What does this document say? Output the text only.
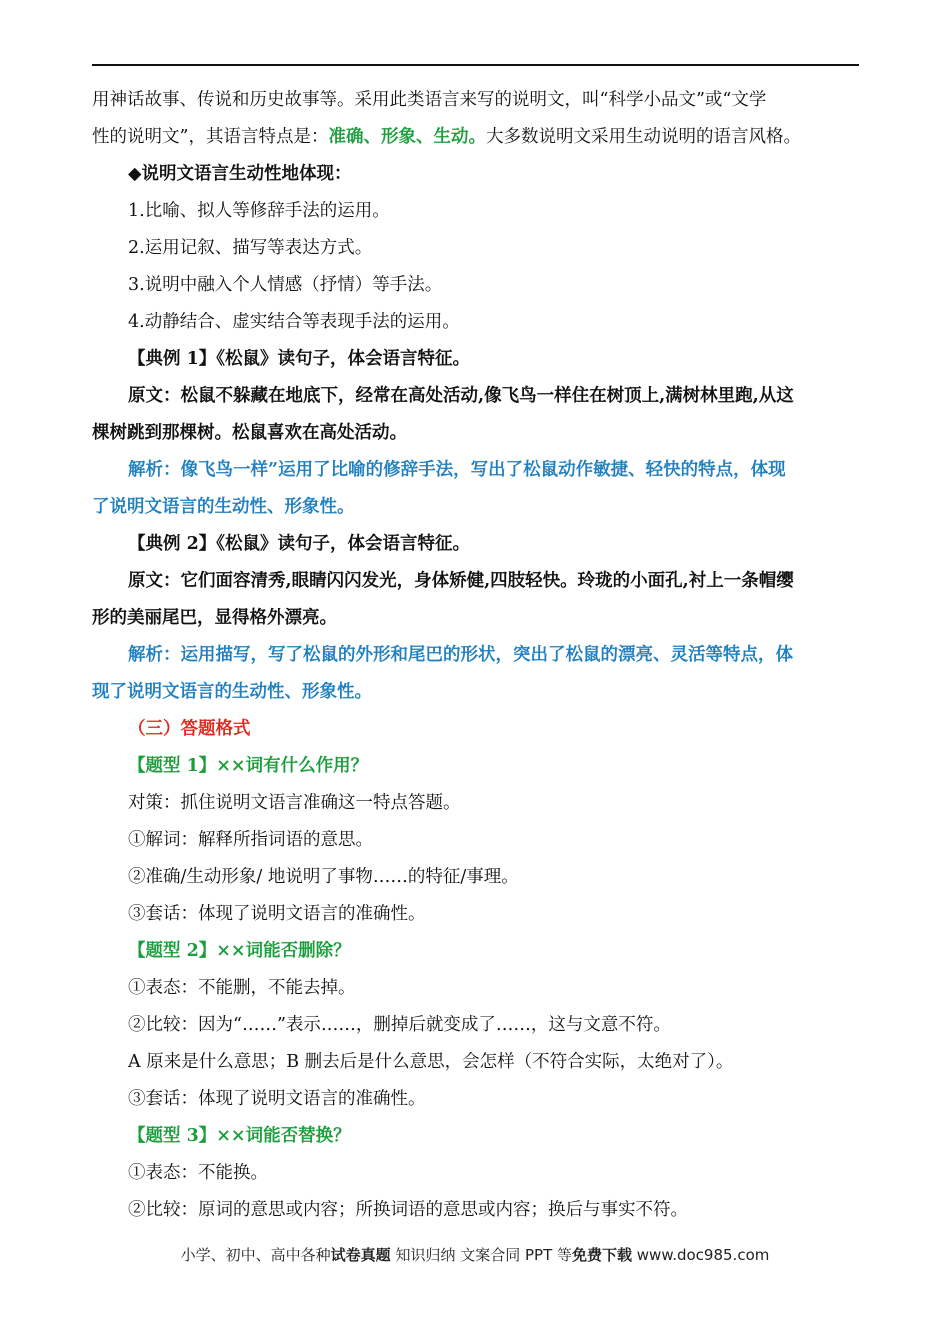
用神话故事、传说和历史故事等。采用此类语言来写的说明文，叫“科学小品文”或“文学
性的说明文”，其语言特点是：准确、形象、生动。大多数说明文采用生动说明的语言风格。
◆说明文语言生动性地体现：
1.比喻、拟人等修辞手法的运用。
2.运用记叙、描写等表达方式。
3.说明中融入个人情感（抒情）等手法。
4.动静结合、虚实结合等表现手法的运用。
【典例 1】《松鼠》读句子，体会语言特征。
原文：松鼠不躲藏在地底下，经常在高处活动,像飞鸟一样住在树顶上,满树林里跑,从这
棵树跳到那棵树。松鼠喜欢在高处活动。
解析：像飞鸟一样”运用了比喻的修辞手法，写出了松鼠动作敏捷、轻快的特点，体现
了说明文语言的生动性、形象性。
【典例 2】《松鼠》读句子，体会语言特征。
原文：它们面容清秀,眼睛闪闪发光，身体矫健,四肢轻快。玲珑的小面孔,衬上一条帽缨
形的美丽尾巴，显得格外漂亮。
解析：运用描写，写了松鼠的外形和尾巴的形状，突出了松鼠的漂亮、灵活等特点，体
现了说明文语言的生动性、形象性。
（三）答题格式
【题型 1】××词有什么作用？
对策：抓住说明文语言准确这一特点答题。
①解词：解释所指词语的意思。
②准确/生动形象/ 地说明了事物……的特征/事理。
③套话：体现了说明文语言的准确性。
【题型 2】××词能否删除？
①表态：不能删，不能去掉。
②比较：因为“……”表示……，删掉后就变成了……，这与文意不符。
A 原来是什么意思；B 删去后是什么意思，会怎样（不符合实际，太绝对了）。
③套话：体现了说明文语言的准确性。
【题型 3】××词能否替换？
①表态：不能换。
②比较：原词的意思或内容；所换词语的意思或内容；换后与事实不符。
小学、初中、高中各种试卷真题 知识归纳 文案合同 PPT 等免费下载 www.doc985.com
